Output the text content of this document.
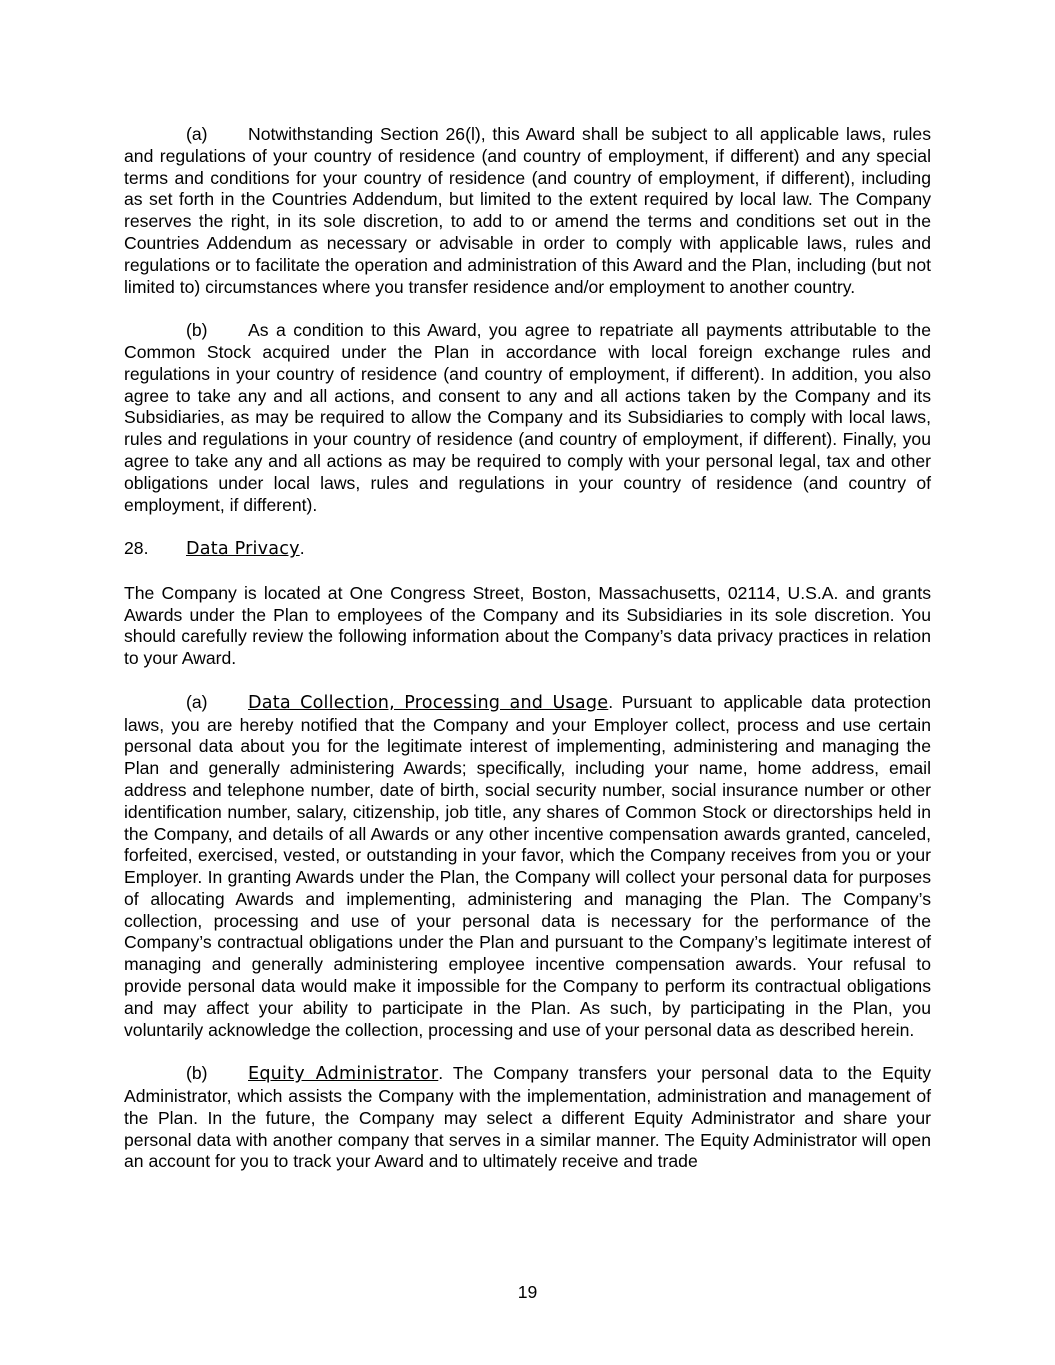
(a) Notwithstanding Section 26(l), this Award shall be subject to all applicable laws, rules and regulations of your country of residence (and country of employment, if different) and any special terms and conditions for your country of residence (and country of employment, if different), including as set forth in the Countries Addendum, but limited to the extent required by local law. The Company reserves the right, in its sole discretion, to add to or amend the terms and conditions set out in the Countries Addendum as necessary or advisable in order to comply with applicable laws, rules and regulations or to facilitate the operation and administration of this Award and the Plan, including (but not limited to) circumstances where you transfer residence and/or employment to another country.

(b) As a condition to this Award, you agree to repatriate all payments attributable to the Common Stock acquired under the Plan in accordance with local foreign exchange rules and regulations in your country of residence (and country of employment, if different). In addition, you also agree to take any and all actions, and consent to any and all actions taken by the Company and its Subsidiaries, as may be required to allow the Company and its Subsidiaries to comply with local laws, rules and regulations in your country of residence (and country of employment, if different). Finally, you agree to take any and all actions as may be required to comply with your personal legal, tax and other obligations under local laws, rules and regulations in your country of residence (and country of employment, if different).

28. Data Privacy.

The Company is located at One Congress Street, Boston, Massachusetts, 02114, U.S.A. and grants Awards under the Plan to employees of the Company and its Subsidiaries in its sole discretion. You should carefully review the following information about the Company’s data privacy practices in relation to your Award.

(a) Data Collection, Processing and Usage. Pursuant to applicable data protection laws, you are hereby notified that the Company and your Employer collect, process and use certain personal data about you for the legitimate interest of implementing, administering and managing the Plan and generally administering Awards; specifically, including your name, home address, email address and telephone number, date of birth, social security number, social insurance number or other identification number, salary, citizenship, job title, any shares of Common Stock or directorships held in the Company, and details of all Awards or any other incentive compensation awards granted, canceled, forfeited, exercised, vested, or outstanding in your favor, which the Company receives from you or your Employer. In granting Awards under the Plan, the Company will collect your personal data for purposes of allocating Awards and implementing, administering and managing the Plan. The Company’s collection, processing and use of your personal data is necessary for the performance of the Company’s contractual obligations under the Plan and pursuant to the Company’s legitimate interest of managing and generally administering employee incentive compensation awards. Your refusal to provide personal data would make it impossible for the Company to perform its contractual obligations and may affect your ability to participate in the Plan. As such, by participating in the Plan, you voluntarily acknowledge the collection, processing and use of your personal data as described herein.

(b) Equity Administrator. The Company transfers your personal data to the Equity Administrator, which assists the Company with the implementation, administration and management of the Plan. In the future, the Company may select a different Equity Administrator and share your personal data with another company that serves in a similar manner. The Equity Administrator will open an account for you to track your Award and to ultimately receive and trade

19
